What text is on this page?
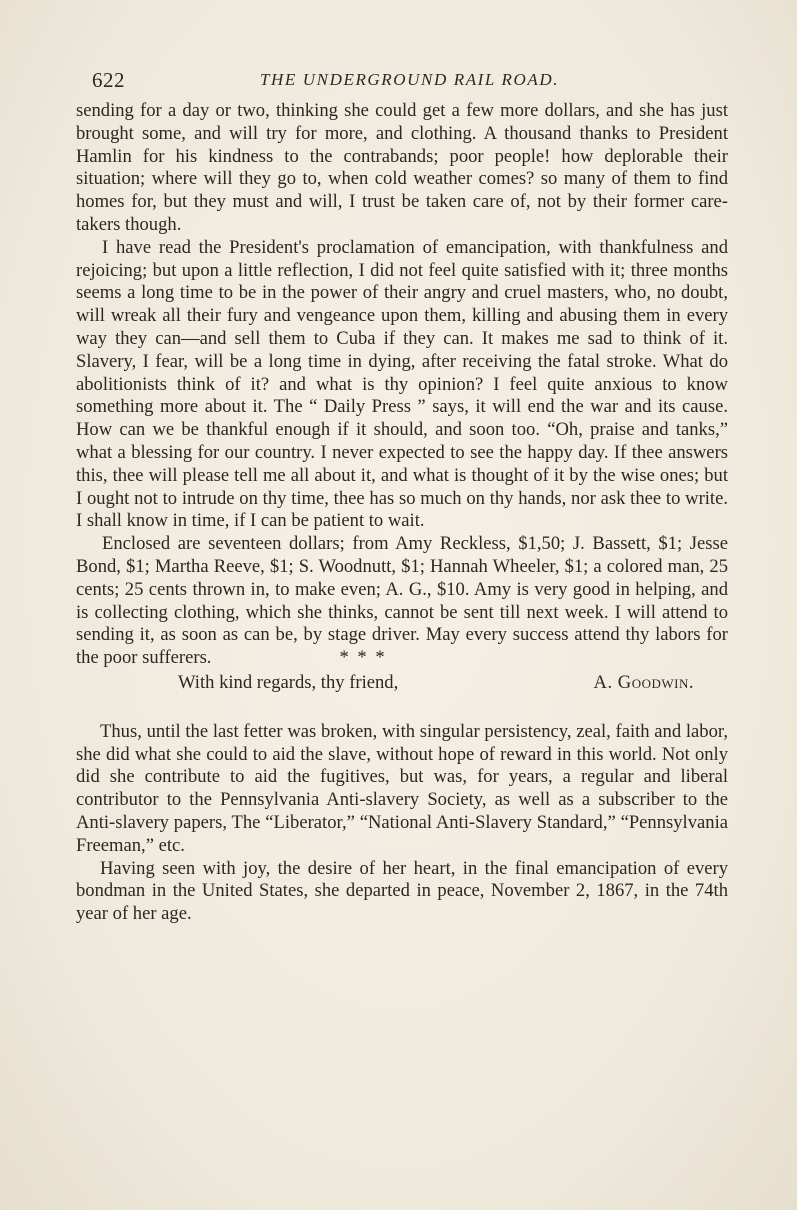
622	THE UNDERGROUND RAIL ROAD.

sending for a day or two, thinking she could get a few more dollars, and she has just brought some, and will try for more, and clothing. A thousand thanks to President Hamlin for his kindness to the contrabands; poor people! how deplorable their situation; where will they go to, when cold weather comes? so many of them to find homes for, but they must and will, I trust be taken care of, not by their former care-takers though.

I have read the President's proclamation of emancipation, with thankfulness and rejoicing; but upon a little reflection, I did not feel quite satisfied with it; three months seems a long time to be in the power of their angry and cruel masters, who, no doubt, will wreak all their fury and vengeance upon them, killing and abusing them in every way they can—and sell them to Cuba if they can. It makes me sad to think of it. Slavery, I fear, will be a long time in dying, after receiving the fatal stroke. What do abolitionists think of it? and what is thy opinion? I feel quite anxious to know something more about it. The “ Daily Press ” says, it will end the war and its cause. How can we be thankful enough if it should, and soon too. “Oh, praise and tanks,” what a blessing for our country. I never expected to see the happy day. If thee answers this, thee will please tell me all about it, and what is thought of it by the wise ones; but I ought not to intrude on thy time, thee has so much on thy hands, nor ask thee to write. I shall know in time, if I can be patient to wait.

Enclosed are seventeen dollars; from Amy Reckless, $1,50; J. Bassett, $1; Jesse Bond, $1; Martha Reeve, $1; S. Woodnutt, $1; Hannah Wheeler, $1; a colored man, 25 cents; 25 cents thrown in, to make even; A. G., $10. Amy is very good in helping, and is collecting clothing, which she thinks, cannot be sent till next week. I will attend to sending it, as soon as can be, by stage driver. May every success attend thy labors for the poor sufferers.	* * *

With kind regards, thy friend,	A. Goodwin.

Thus, until the last fetter was broken, with singular persistency, zeal, faith and labor, she did what she could to aid the slave, without hope of reward in this world. Not only did she contribute to aid the fugitives, but was, for years, a regular and liberal contributor to the Pennsylvania Anti-slavery Society, as well as a subscriber to the Anti-slavery papers, The “Liberator,” “National Anti-Slavery Standard,” “Pennsylvania Freeman,” etc.

Having seen with joy, the desire of her heart, in the final emancipation of every bondman in the United States, she departed in peace, November 2, 1867, in the 74th year of her age.
